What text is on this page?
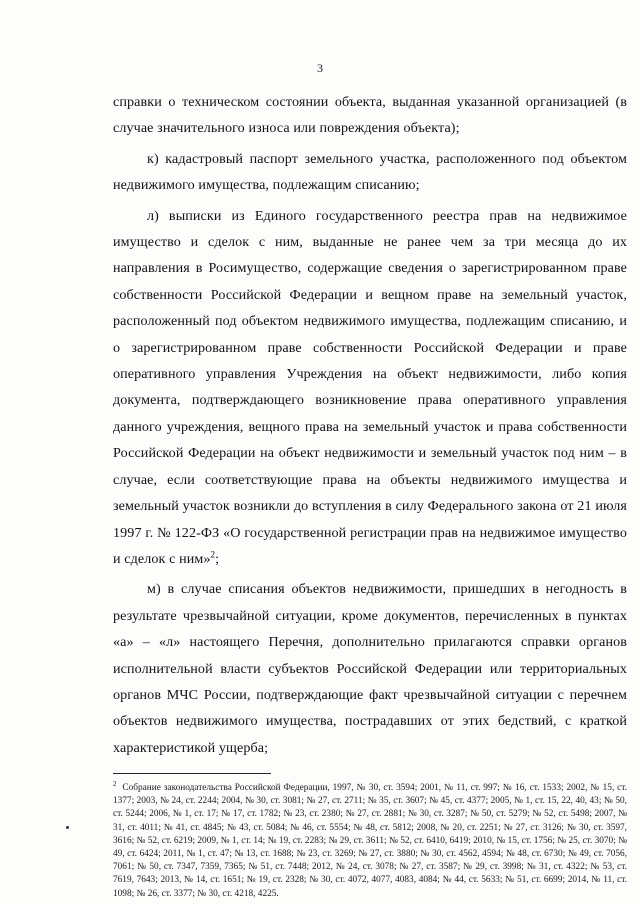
3

справки о техническом состоянии объекта, выданная указанной организацией (в случае значительного износа или повреждения объекта);

к) кадастровый паспорт земельного участка, расположенного под объектом недвижимого имущества, подлежащим списанию;

л) выписки из Единого государственного реестра прав на недвижимое имущество и сделок с ним, выданные не ранее чем за три месяца до их направления в Росимущество, содержащие сведения о зарегистрированном праве собственности Российской Федерации и вещном праве на земельный участок, расположенный под объектом недвижимого имущества, подлежащим списанию, и о зарегистрированном праве собственности Российской Федерации и праве оперативного управления Учреждения на объект недвижимости, либо копия документа, подтверждающего возникновение права оперативного управления данного учреждения, вещного права на земельный участок и права собственности Российской Федерации на объект недвижимости и земельный участок под ним – в случае, если соответствующие права на объекты недвижимого имущества и земельный участок возникли до вступления в силу Федерального закона от 21 июля 1997 г. № 122-ФЗ «О государственной регистрации прав на недвижимое имущество и сделок с ним»$^2$;

м) в случае списания объектов недвижимости, пришедших в негодность в результате чрезвычайной ситуации, кроме документов, перечисленных в пунктах «а» – «л» настоящего Перечня, дополнительно прилагаются справки органов исполнительной власти субъектов Российской Федерации или территориальных органов МЧС России, подтверждающие факт чрезвычайной ситуации с перечнем объектов недвижимого имущества, пострадавших от этих бедствий, с краткой характеристикой ущерба;

$^2$ Собрание законодательства Российской Федерации, 1997, № 30, ст. 3594; 2001, № 11, ст. 997; № 16, ст. 1533; 2002, № 15, ст. 1377; 2003, № 24, ст. 2244; 2004, № 30, ст. 3081; № 27, ст. 2711; № 35, ст. 3607; № 45, ст. 4377; 2005, № 1, ст. 15, 22, 40, 43; № 50, ст. 5244; 2006, № 1, ст. 17; № 17, ст. 1782; № 23, ст. 2380; № 27, ст. 2881; № 30, ст. 3287; № 50, ст. 5279; № 52, ст. 5498; 2007, № 31, ст. 4011; № 41, ст. 4845; № 43, ст. 5084; № 46, ст. 5554; № 48, ст. 5812; 2008, № 20, ст. 2251; № 27, ст. 3126; № 30, ст. 3597, 3616; № 52, ст. 6219; 2009, № 1, ст. 14; № 19, ст. 2283; № 29, ст. 3611; № 52, ст. 6410, 6419; 2010, № 15, ст. 1756; № 25, ст. 3070; № 49, ст. 6424; 2011, № 1, ст. 47; № 13, ст. 1688; № 23, ст. 3269; № 27, ст. 3880; № 30, ст. 4562, 4594; № 48, ст. 6730; № 49, ст. 7056, 7061; № 50, ст. 7347, 7359, 7365; № 51, ст. 7448; 2012, № 24, ст. 3078; № 27, ст. 3587; № 29, ст. 3998; № 31, ст. 4322; № 53, ст. 7619, 7643; 2013, № 14, ст. 1651; № 19, ст. 2328; № 30, ст. 4072, 4077, 4083, 4084; № 44, ст. 5633; № 51, ст. 6699; 2014, № 11, ст. 1098; № 26, ст. 3377; № 30, ст. 4218, 4225.
